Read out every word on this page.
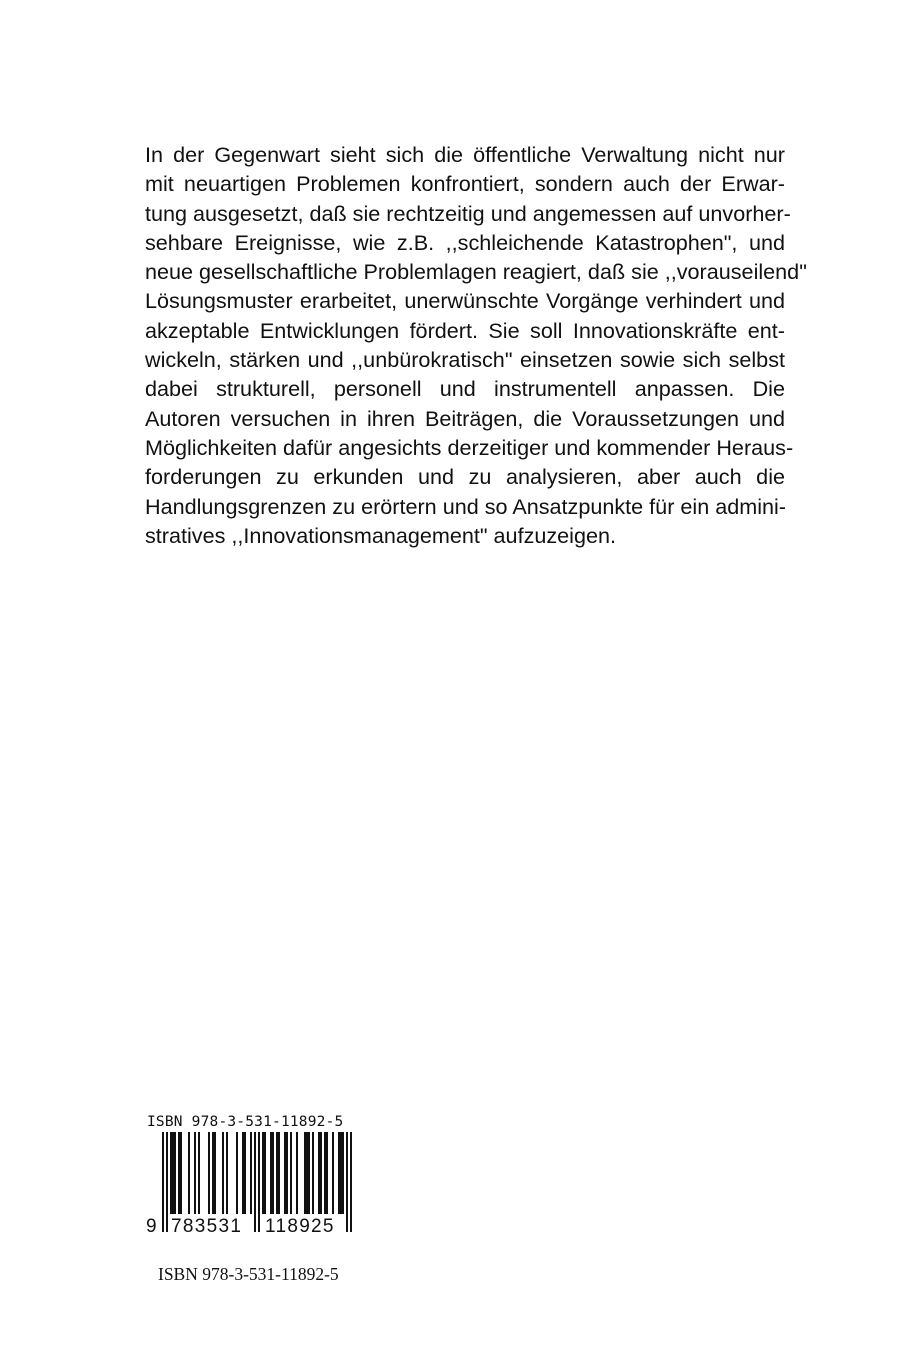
In der Gegenwart sieht sich die öffentliche Verwaltung nicht nur
mit neuartigen Problemen konfrontiert, sondern auch der Erwar-
tung ausgesetzt, daß sie rechtzeitig und angemessen auf unvorher-
sehbare Ereignisse, wie z.B. ,,schleichende Katastrophen", und
neue gesellschaftliche Problemlagen reagiert, daß sie ,,vorauseilend"
Lösungsmuster erarbeitet, unerwünschte Vorgänge verhindert und
akzeptable Entwicklungen fördert. Sie soll Innovationskräfte ent-
wickeln, stärken und ,,unbürokratisch" einsetzen sowie sich selbst
dabei strukturell, personell und instrumentell anpassen. Die
Autoren versuchen in ihren Beiträgen, die Voraussetzungen und
Möglichkeiten dafür angesichts derzeitiger und kommender Heraus-
forderungen zu erkunden und zu analysieren, aber auch die
Handlungsgrenzen zu erörtern und so Ansatzpunkte für ein admini-
stratives ,,Innovationsmanagement" aufzuzeigen.
ISBN 978-3-531-11892-5
9 783531 118925
ISBN 978-3-531-11892-5
